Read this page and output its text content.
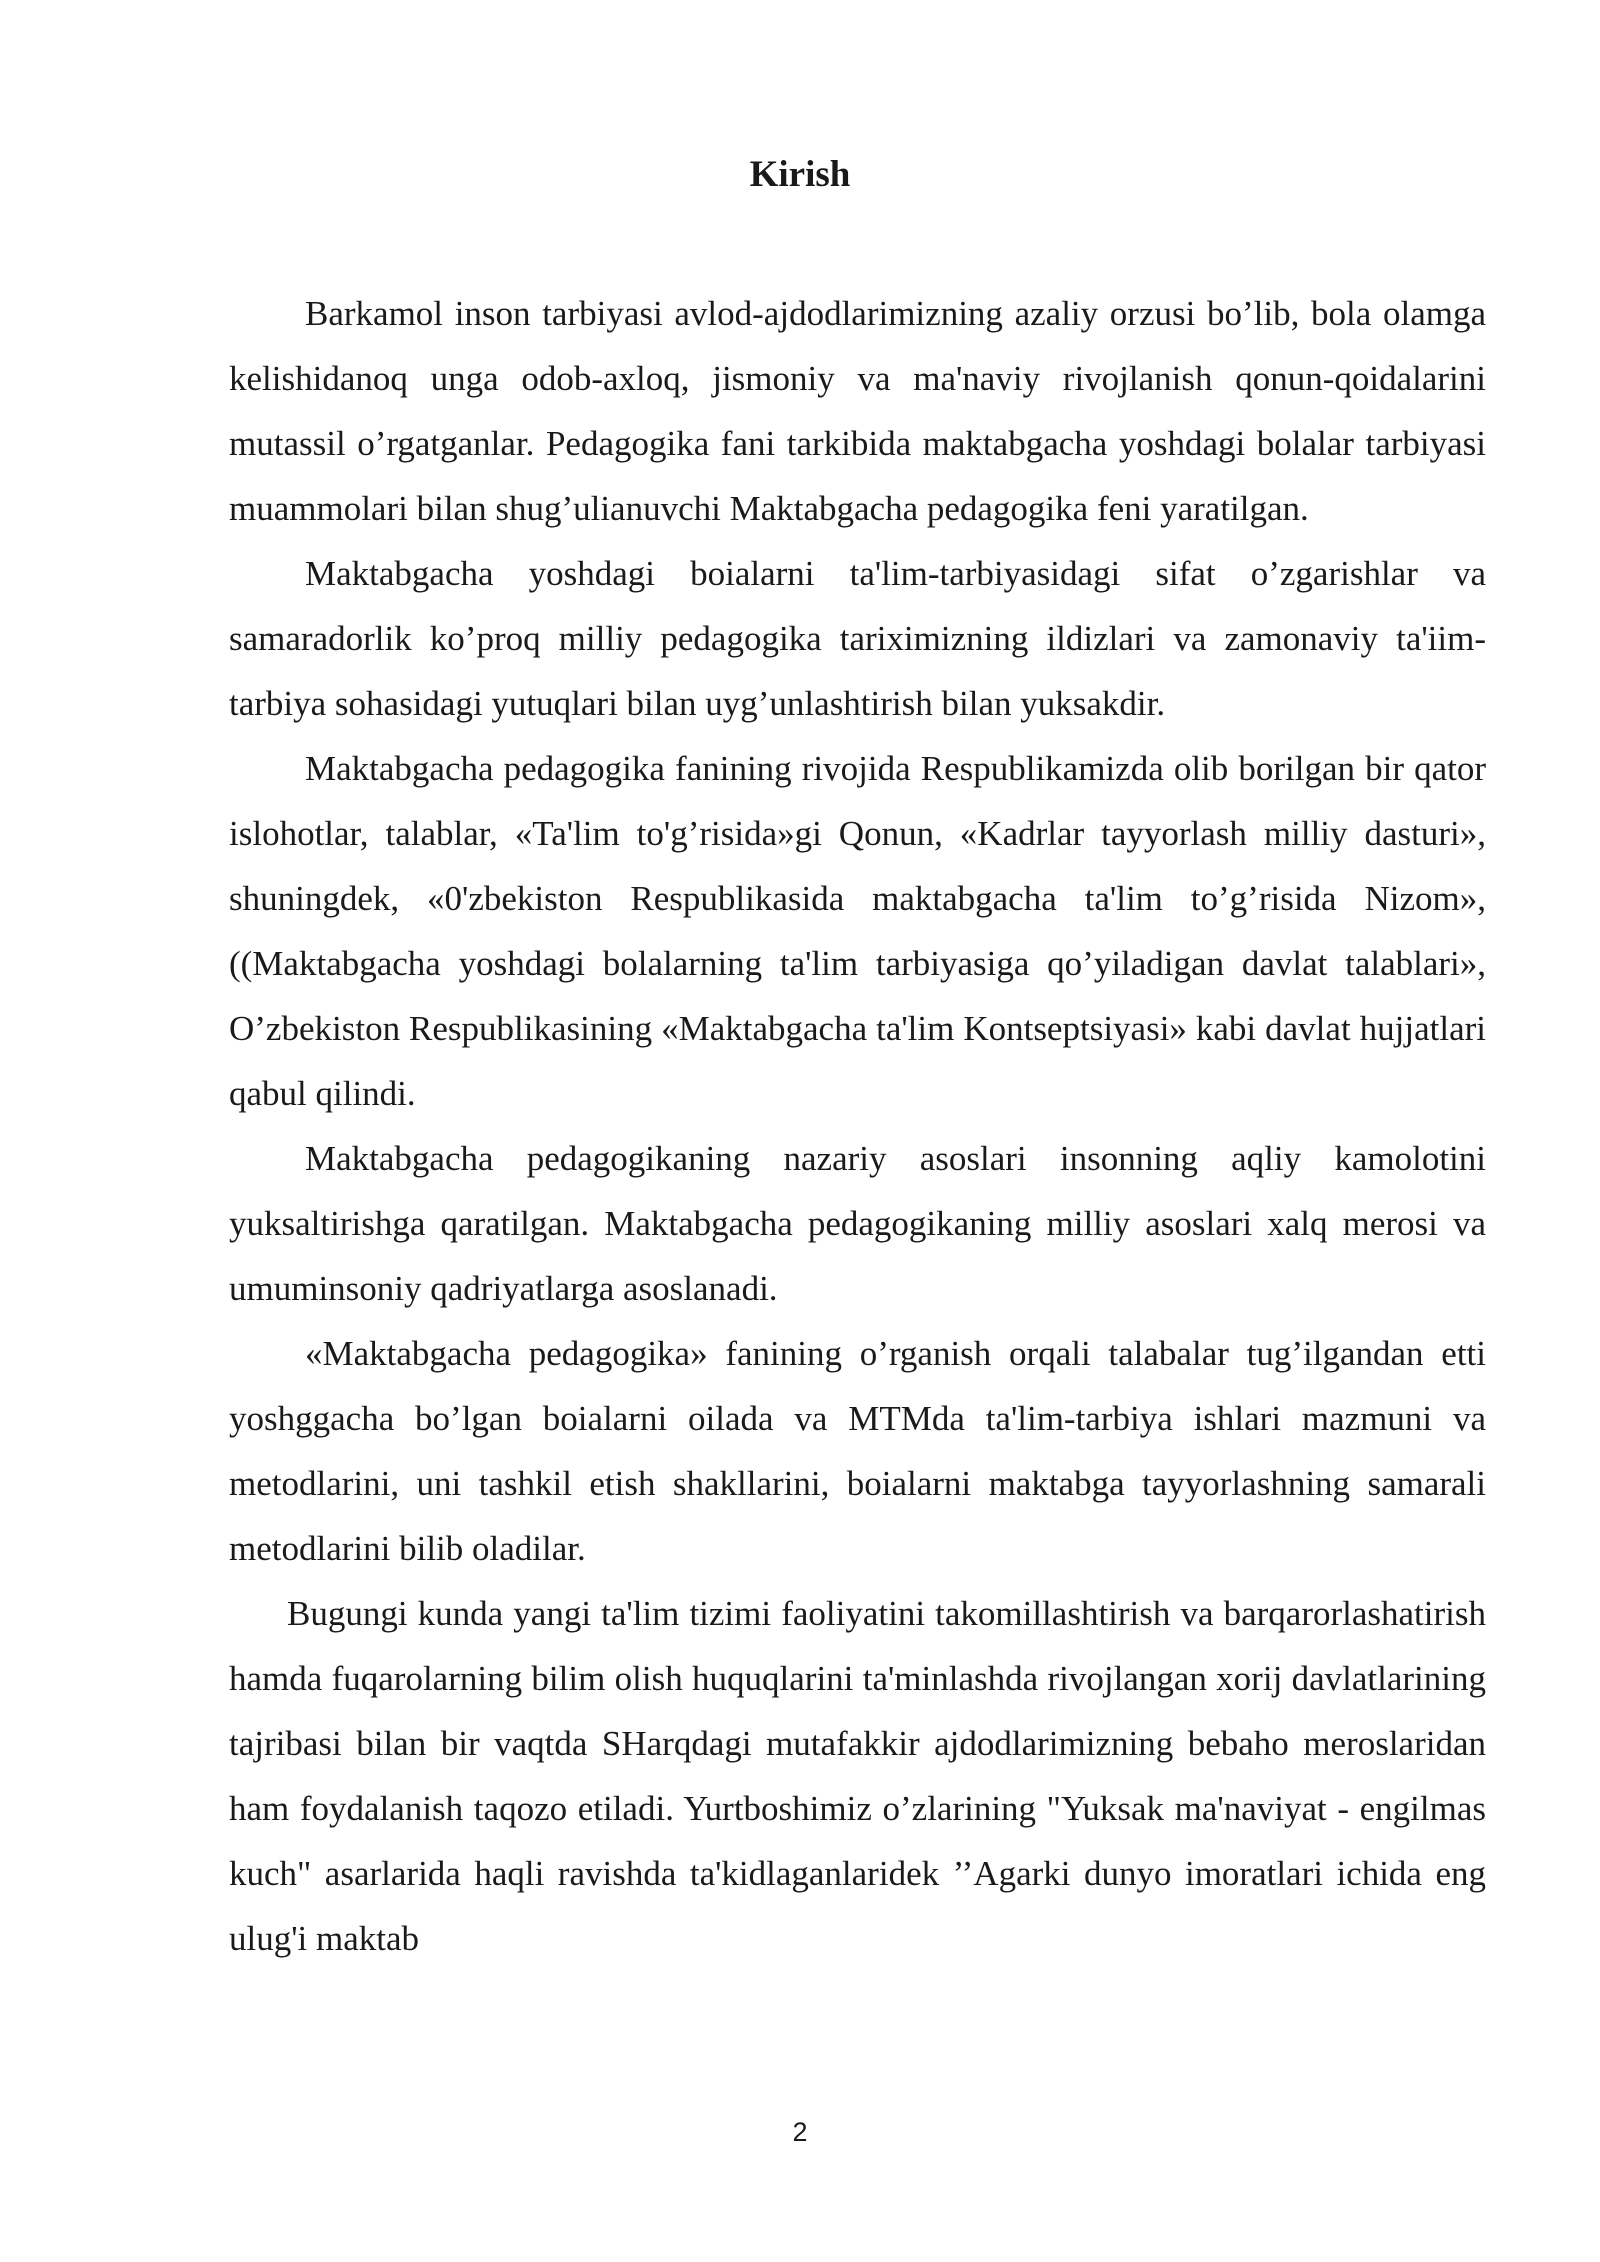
Kirish

Barkamol inson tarbiyasi avlod-ajdodlarimizning azaliy orzusi bo’lib, bola olamga kelishidanoq unga odob-axloq, jismoniy va ma'naviy rivojlanish qonun-qoidalarini mutassil o’rgatganlar. Pedagogika fani tarkibida maktabgacha yoshdagi bolalar tarbiyasi muammolari bilan shug’ulianuvchi Maktabgacha pedagogika feni yaratilgan.

Maktabgacha yoshdagi boialarni ta'lim-tarbiyasidagi sifat o’zgarishlar va samaradorlik ko’proq milliy pedagogika tariximizning ildizlari va zamonaviy ta'iim- tarbiya sohasidagi yutuqlari bilan uyg’unlashtirish bilan yuksakdir.

Maktabgacha pedagogika fanining rivojida Respublikamizda olib borilgan bir qator islohotlar, talablar, «Ta'lim to'g’risida»gi Qonun, «Kadrlar tayyorlash milliy dasturi», shuningdek, «0'zbekiston Respublikasida maktabgacha ta'lim to’g’risida Nizom»,((Maktabgacha yoshdagi bolalarning ta'lim tarbiyasiga qo’yiladigan davlat talablari», O’zbekiston Respublikasining «Maktabgacha ta'lim Kontseptsiyasi» kabi davlat hujjatlari qabul qilindi.

Maktabgacha pedagogikaning nazariy asoslari insonning aqliy kamolotini yuksaltirishga qaratilgan. Maktabgacha pedagogikaning milliy asoslari xalq merosi va umuminsoniy qadriyatlarga asoslanadi.

«Maktabgacha pedagogika» fanining o’rganish orqali talabalar tug’ilgandan etti yoshggacha bo’lgan boialarni oilada va MTMda ta'lim-tarbiya ishlari mazmuni va metodlarini, uni tashkil etish shakllarini, boialarni maktabga tayyorlashning samarali metodlarini bilib oladilar.

Bugungi kunda yangi ta'lim tizimi faoliyatini takomillashtirish va barqarorlashatirish hamda fuqarolarning bilim olish huquqlarini ta'minlashda rivojlangan xorij davlatlarining tajribasi bilan bir vaqtda SHarqdagi mutafakkir ajdodlarimizning bebaho meroslaridan ham foydalanish taqozo etiladi. Yurtboshimiz o’zlarining "Yuksak ma'naviyat - engilmas kuch" asarlarida haqli ravishda ta'kidlaganlaridek ’’Agarki dunyo imoratlari ichida eng ulug'i maktab

2
